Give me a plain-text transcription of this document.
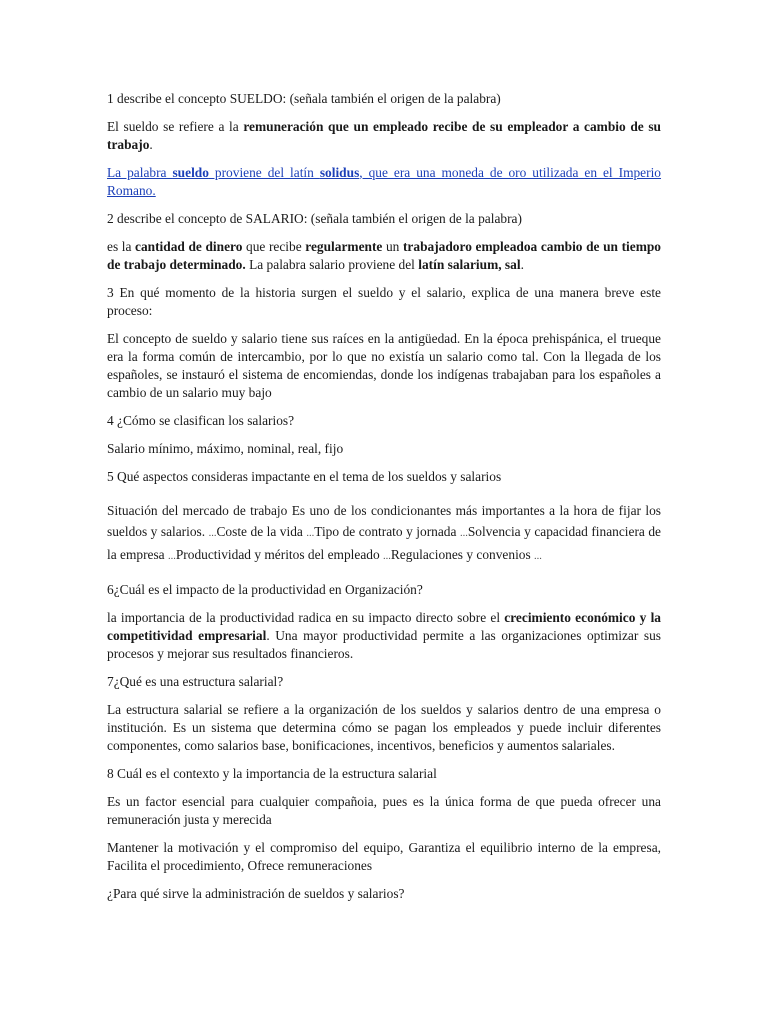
1 describe el concepto SUELDO: (señala también el origen de la palabra)

El sueldo se refiere a la remuneración que un empleado recibe de su empleador a cambio de su trabajo.

La palabra sueldo proviene del latín solidus, que era una moneda de oro utilizada en el Imperio Romano.

2 describe el concepto de SALARIO: (señala también el origen de la palabra)

es la cantidad de dinero que recibe regularmente un trabajadoro empleadoa cambio de un tiempo de trabajo determinado. La palabra salario proviene del latín salarium, sal.

3 En qué momento de la historia surgen el sueldo y el salario, explica de una manera breve este proceso:

El concepto de sueldo y salario tiene sus raíces en la antigüedad. En la época prehispánica, el trueque era la forma común de intercambio, por lo que no existía un salario como tal. Con la llegada de los españoles, se instauró el sistema de encomiendas, donde los indígenas trabajaban para los españoles a cambio de un salario muy bajo

4 ¿Cómo se clasifican los salarios?

Salario mínimo, máximo, nominal, real, fijo

5 Qué aspectos consideras impactante en el tema de los sueldos y salarios

Situación del mercado de trabajo Es uno de los condicionantes más importantes a la hora de fijar los sueldos y salarios. ...Coste de la vida ...Tipo de contrato y jornada ...Solvencia y capacidad financiera de la empresa ...Productividad y méritos del empleado ...Regulaciones y convenios ...

6¿Cuál es el impacto de la productividad en Organización?

la importancia de la productividad radica en su impacto directo sobre el crecimiento económico y la competitividad empresarial. Una mayor productividad permite a las organizaciones optimizar sus procesos y mejorar sus resultados financieros.

7¿Qué es una estructura salarial?

La estructura salarial se refiere a la organización de los sueldos y salarios dentro de una empresa o institución. Es un sistema que determina cómo se pagan los empleados y puede incluir diferentes componentes, como salarios base, bonificaciones, incentivos, beneficios y aumentos salariales.

8 Cuál es el contexto y la importancia de la estructura salarial

Es un factor esencial para cualquier compañoia, pues es la única forma de que pueda ofrecer una remuneración justa y merecida

Mantener la motivación y el compromiso del equipo, Garantiza el equilibrio interno de la empresa, Facilita el procedimiento, Ofrece remuneraciones

¿Para qué sirve la administración de sueldos y salarios?
